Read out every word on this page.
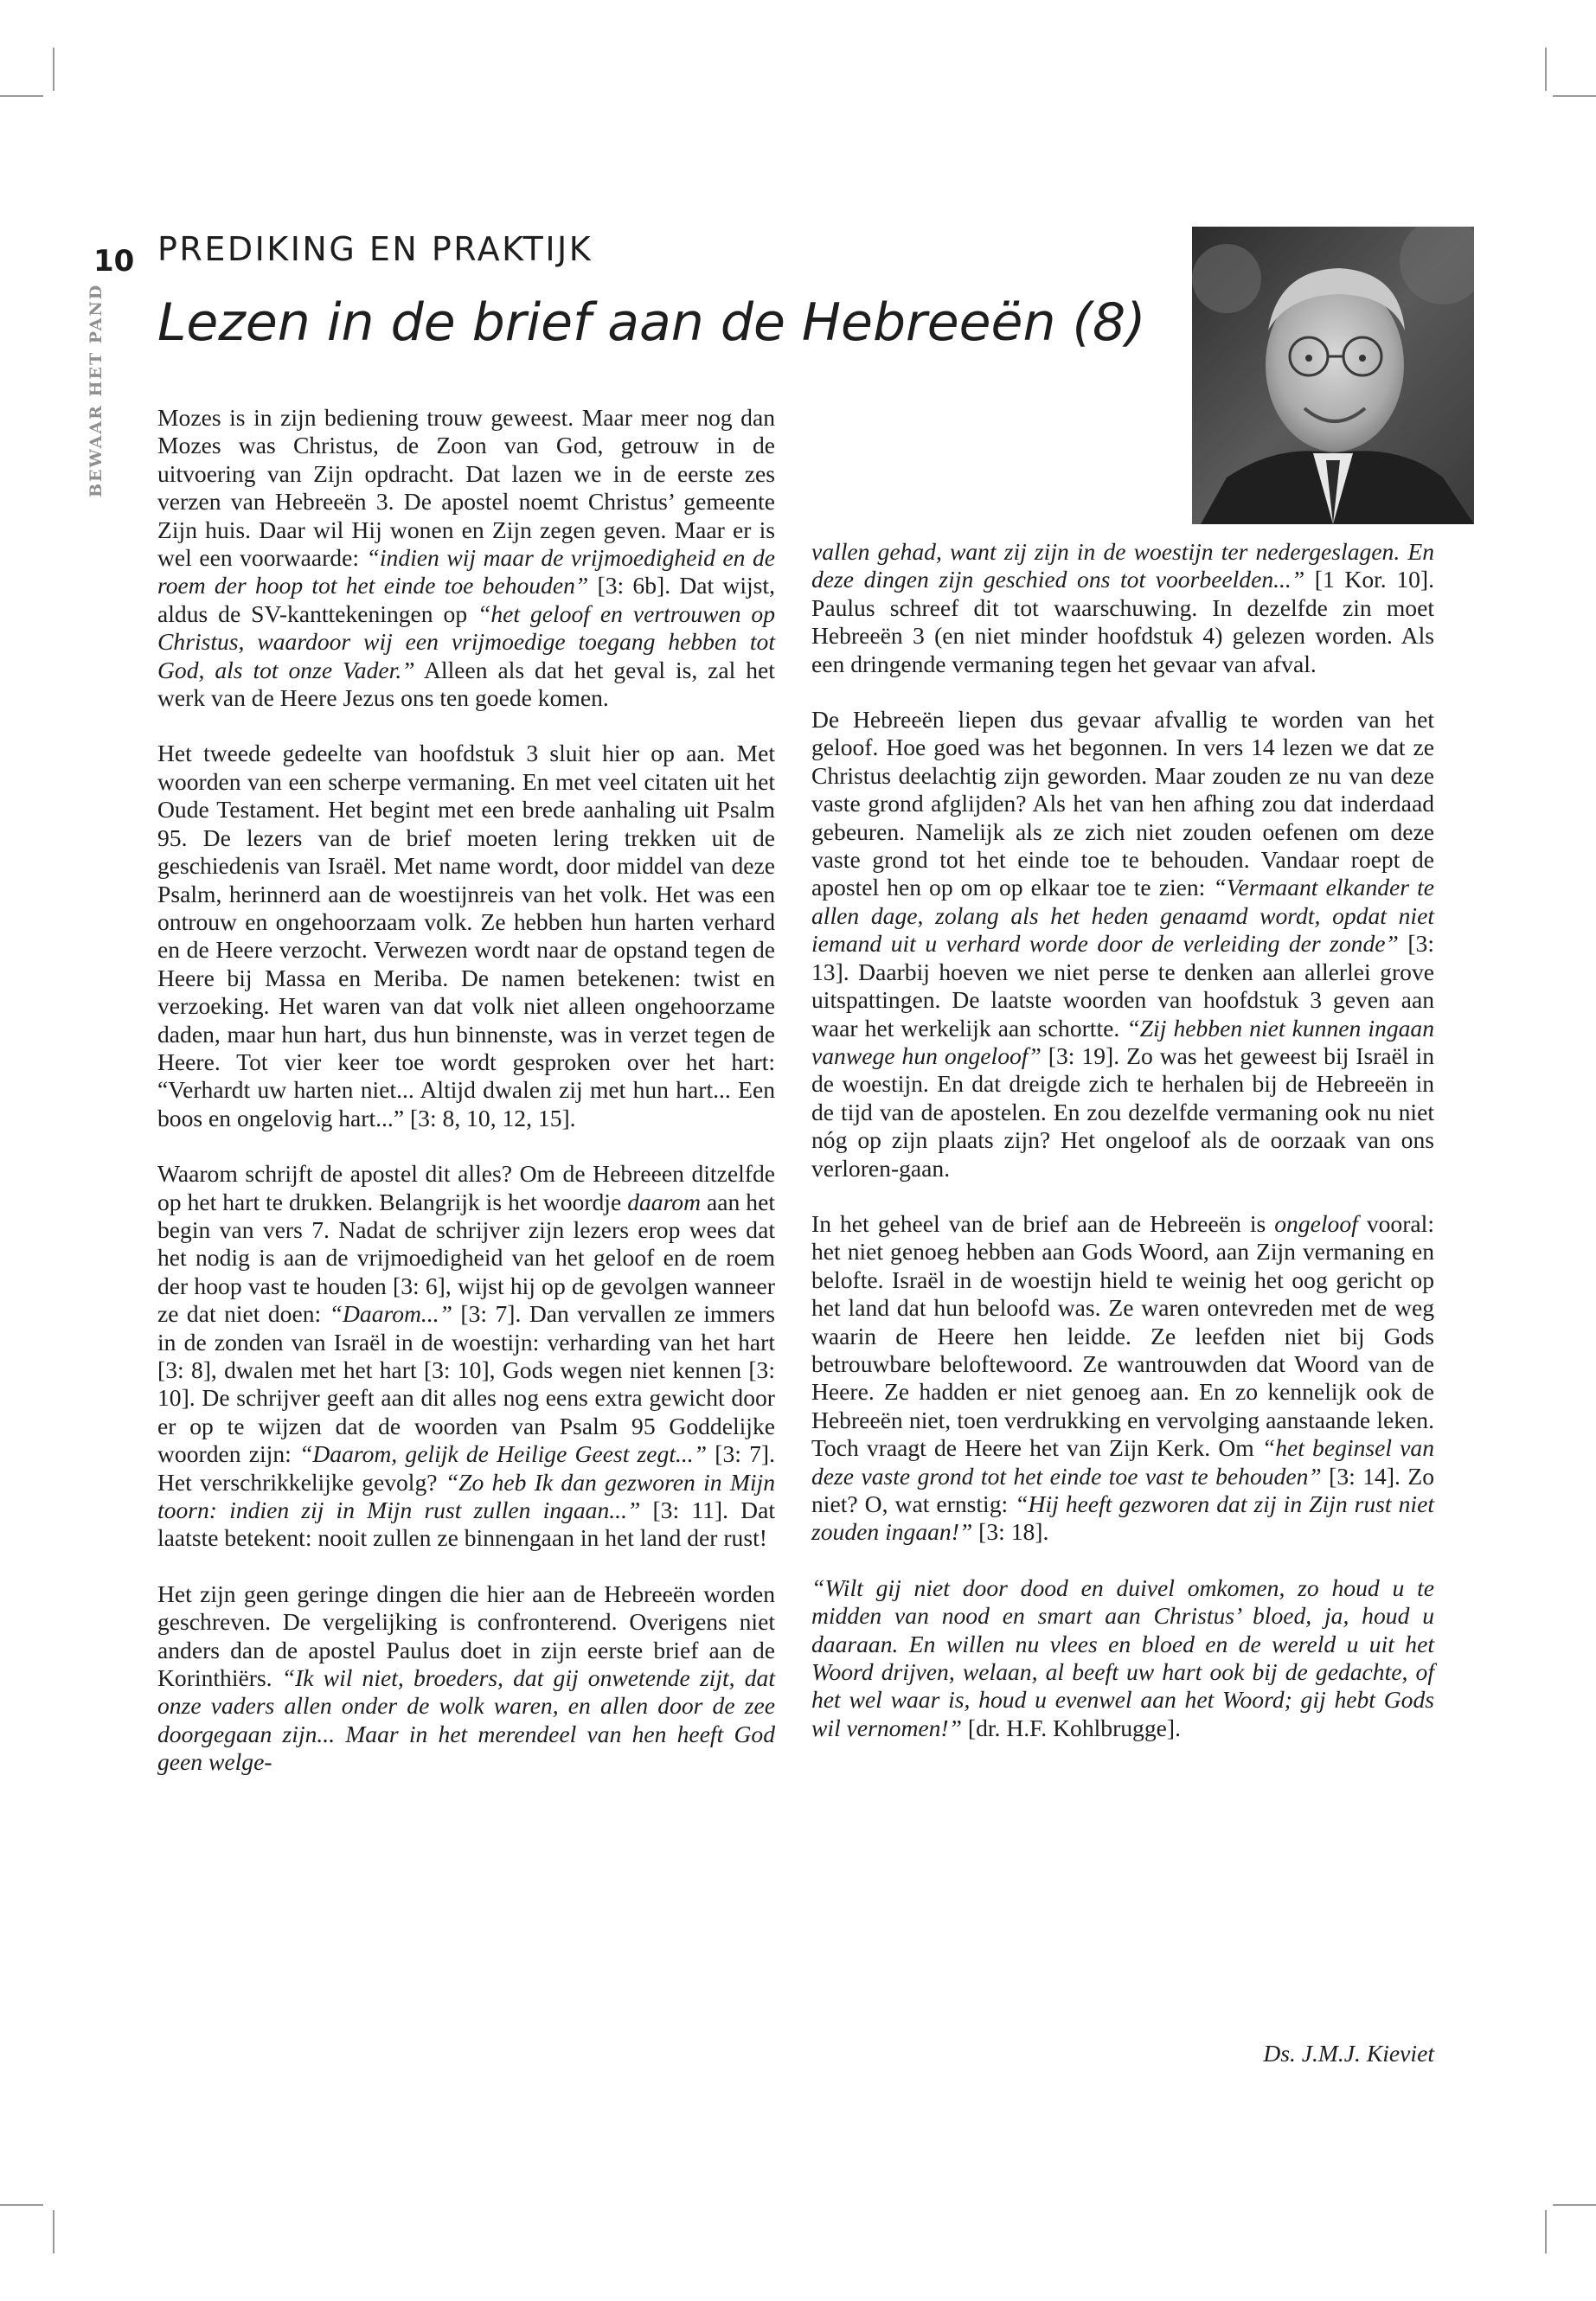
10
BEWAAR HET PAND
PREDIKING EN PRAKTIJK
Lezen in de brief aan de Hebreeën (8)

Mozes is in zijn bediening trouw geweest. Maar meer nog dan Mozes was Christus, de Zoon van God, getrouw in de uitvoering van Zijn opdracht. Dat lazen we in de eerste zes verzen van Hebreeën 3. De apostel noemt Christus’ gemeente Zijn huis. Daar wil Hij wonen en Zijn zegen geven. Maar er is wel een voorwaarde: “indien wij maar de vrijmoedigheid en de roem der hoop tot het einde toe behouden” [3: 6b]. Dat wijst, aldus de SV-kanttekeningen op “het geloof en vertrouwen op Christus, waardoor wij een vrijmoedige toegang hebben tot God, als tot onze Vader.” Alleen als dat het geval is, zal het werk van de Heere Jezus ons ten goede komen.

Het tweede gedeelte van hoofdstuk 3 sluit hier op aan. Met woorden van een scherpe vermaning. En met veel citaten uit het Oude Testament. Het begint met een brede aanhaling uit Psalm 95. De lezers van de brief moeten lering trekken uit de geschiedenis van Israël. Met name wordt, door middel van deze Psalm, herinnerd aan de woestijnreis van het volk. Het was een ontrouw en ongehoorzaam volk. Ze hebben hun harten verhard en de Heere verzocht. Verwezen wordt naar de opstand tegen de Heere bij Massa en Meriba. De namen betekenen: twist en verzoeking. Het waren van dat volk niet alleen ongehoorzame daden, maar hun hart, dus hun binnenste, was in verzet tegen de Heere. Tot vier keer toe wordt gesproken over het hart: “Verhardt uw harten niet... Altijd dwalen zij met hun hart... Een boos en ongelovig hart...” [3: 8, 10, 12, 15].

Waarom schrijft de apostel dit alles? Om de Hebreeen ditzelfde op het hart te drukken. Belangrijk is het woordje daarom aan het begin van vers 7. Nadat de schrijver zijn lezers erop wees dat het nodig is aan de vrijmoedigheid van het geloof en de roem der hoop vast te houden [3: 6], wijst hij op de gevolgen wanneer ze dat niet doen: “Daarom...” [3: 7]. Dan vervallen ze immers in de zonden van Israël in de woestijn: verharding van het hart [3: 8], dwalen met het hart [3: 10], Gods wegen niet kennen [3: 10]. De schrijver geeft aan dit alles nog eens extra gewicht door er op te wijzen dat de woorden van Psalm 95 Goddelijke woorden zijn: “Daarom, gelijk de Heilige Geest zegt...” [3: 7]. Het verschrikkelijke gevolg? “Zo heb Ik dan gezworen in Mijn toorn: indien zij in Mijn rust zullen ingaan...” [3: 11]. Dat laatste betekent: nooit zullen ze binnengaan in het land der rust!

Het zijn geen geringe dingen die hier aan de Hebreeën worden geschreven. De vergelijking is confronterend. Overigens niet anders dan de apostel Paulus doet in zijn eerste brief aan de Korinthiërs. “Ik wil niet, broeders, dat gij onwetende zijt, dat onze vaders allen onder de wolk waren, en allen door de zee doorgegaan zijn... Maar in het merendeel van hen heeft God geen welge-

vallen gehad, want zij zijn in de woestijn ter nedergeslagen. En deze dingen zijn geschied ons tot voorbeelden...” [1 Kor. 10]. Paulus schreef dit tot waarschuwing. In dezelfde zin moet Hebreeën 3 (en niet minder hoofdstuk 4) gelezen worden. Als een dringende vermaning tegen het gevaar van afval.

De Hebreeën liepen dus gevaar afvallig te worden van het geloof. Hoe goed was het begonnen. In vers 14 lezen we dat ze Christus deelachtig zijn geworden. Maar zouden ze nu van deze vaste grond afglijden? Als het van hen afhing zou dat inderdaad gebeuren. Namelijk als ze zich niet zouden oefenen om deze vaste grond tot het einde toe te behouden. Vandaar roept de apostel hen op om op elkaar toe te zien: “Vermaant elkander te allen dage, zolang als het heden genaamd wordt, opdat niet iemand uit u verhard worde door de verleiding der zonde” [3: 13]. Daarbij hoeven we niet perse te denken aan allerlei grove uitspattingen. De laatste woorden van hoofdstuk 3 geven aan waar het werkelijk aan schortte. “Zij hebben niet kunnen ingaan vanwege hun ongeloof” [3: 19]. Zo was het geweest bij Israël in de woestijn. En dat dreigde zich te herhalen bij de Hebreeën in de tijd van de apostelen. En zou dezelfde vermaning ook nu niet nóg op zijn plaats zijn? Het ongeloof als de oorzaak van ons verloren-gaan.

In het geheel van de brief aan de Hebreeën is ongeloof vooral: het niet genoeg hebben aan Gods Woord, aan Zijn vermaning en belofte. Israël in de woestijn hield te weinig het oog gericht op het land dat hun beloofd was. Ze waren ontevreden met de weg waarin de Heere hen leidde. Ze leefden niet bij Gods betrouwbare beloftewoord. Ze wantrouwden dat Woord van de Heere. Ze hadden er niet genoeg aan. En zo kennelijk ook de Hebreeën niet, toen verdrukking en vervolging aanstaande leken. Toch vraagt de Heere het van Zijn Kerk. Om “het beginsel van deze vaste grond tot het einde toe vast te behouden” [3: 14]. Zo niet? O, wat ernstig: “Hij heeft gezworen dat zij in Zijn rust niet zouden ingaan!” [3: 18].

“Wilt gij niet door dood en duivel omkomen, zo houd u te midden van nood en smart aan Christus’ bloed, ja, houd u daaraan. En willen nu vlees en bloed en de wereld u uit het Woord drijven, welaan, al beeft uw hart ook bij de gedachte, of het wel waar is, houd u evenwel aan het Woord; gij hebt Gods wil vernomen!” [dr. H.F. Kohlbrugge].

Ds. J.M.J. Kieviet
